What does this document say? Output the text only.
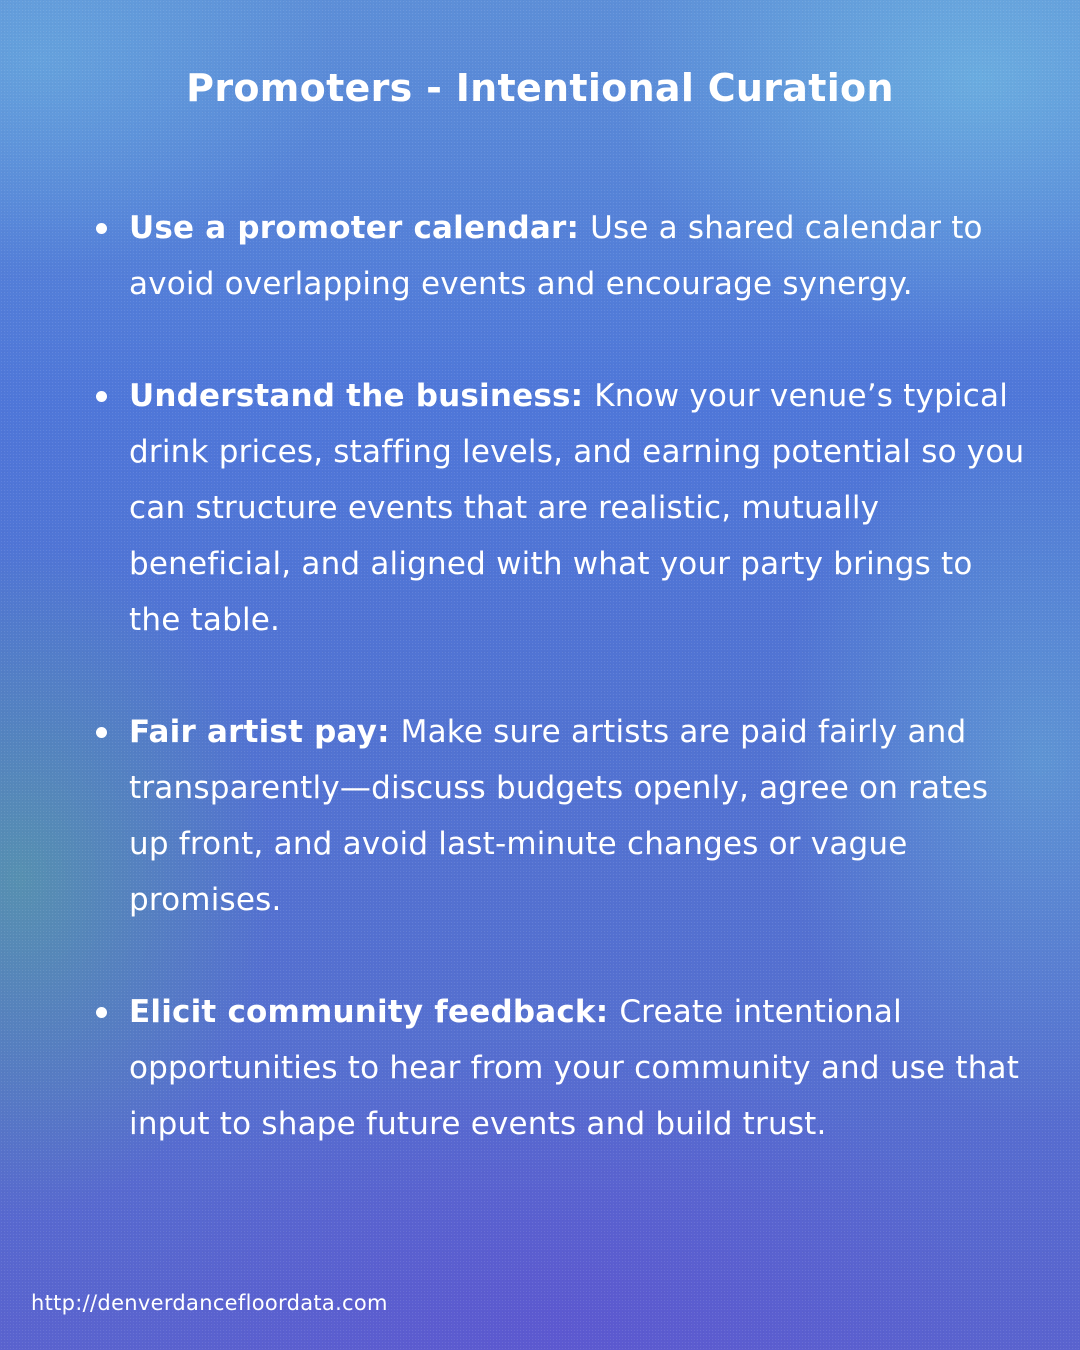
Promoters - Intentional Curation
Use a promoter calendar: Use a shared calendar to avoid overlapping events and encourage synergy.
Understand the business: Know your venue’s typical drink prices, staffing levels, and earning potential so you can structure events that are realistic, mutually beneficial, and aligned with what your party brings to the table.
Fair artist pay: Make sure artists are paid fairly and transparently—discuss budgets openly, agree on rates up front, and avoid last-minute changes or vague promises.
Elicit community feedback: Create intentional opportunities to hear from your community and use that input to shape future events and build trust.
http://denverdancefloordata.com
